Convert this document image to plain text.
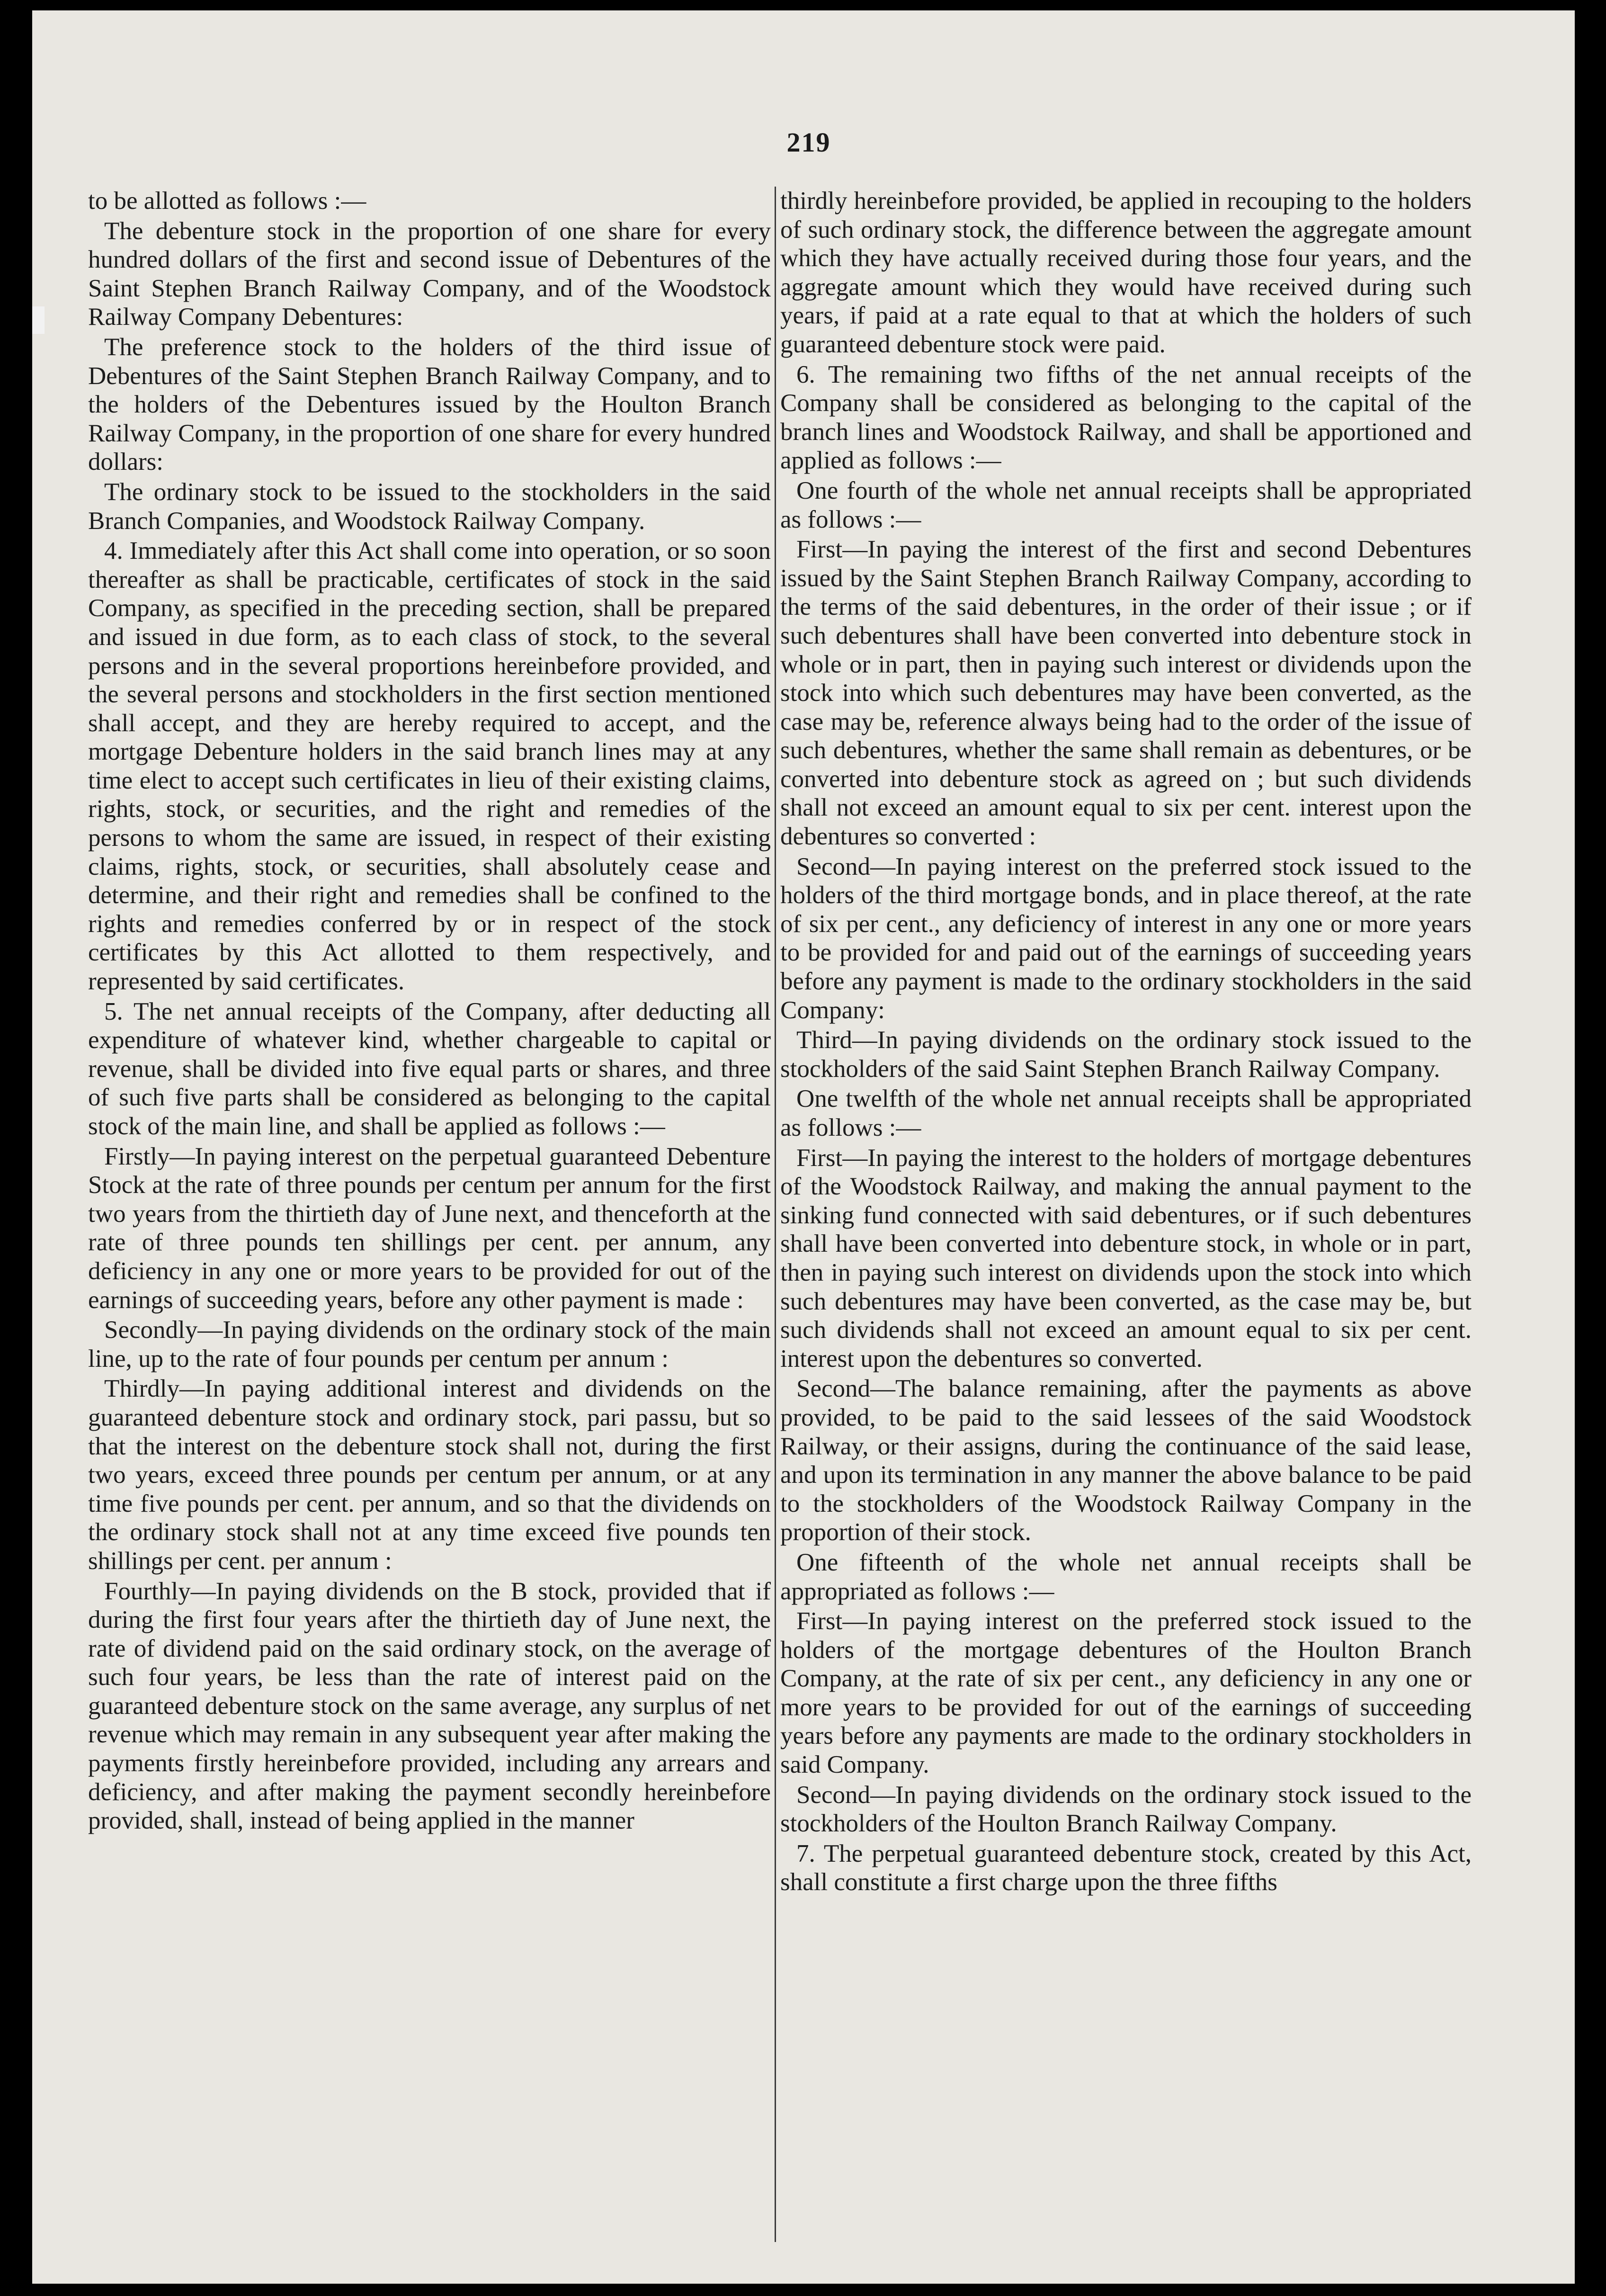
219

to be allotted as follows :—

The debenture stock in the proportion of one share for every hundred dollars of the first and second issue of Debentures of the Saint Stephen Branch Railway Company, and of the Woodstock Railway Company Debentures:

The preference stock to the holders of the third issue of Debentures of the Saint Stephen Branch Railway Company, and to the holders of the Debentures issued by the Houlton Branch Railway Company, in the proportion of one share for every hundred dollars:

The ordinary stock to be issued to the stockholders in the said Branch Companies, and Woodstock Railway Company.

4. Immediately after this Act shall come into operation, or so soon thereafter as shall be practicable, certificates of stock in the said Company, as specified in the preceding section, shall be prepared and issued in due form, as to each class of stock, to the several persons and in the several proportions hereinbefore provided, and the several persons and stockholders in the first section mentioned shall accept, and they are hereby required to accept, and the mortgage Debenture holders in the said branch lines may at any time elect to accept such certificates in lieu of their existing claims, rights, stock, or securities, and the right and remedies of the persons to whom the same are issued, in respect of their existing claims, rights, stock, or securities, shall absolutely cease and determine, and their right and remedies shall be confined to the rights and remedies conferred by or in respect of the stock certificates by this Act allotted to them respectively, and represented by said certificates.

5. The net annual receipts of the Company, after deducting all expenditure of whatever kind, whether chargeable to capital or revenue, shall be divided into five equal parts or shares, and three of such five parts shall be considered as belonging to the capital stock of the main line, and shall be applied as follows :—

Firstly—In paying interest on the perpetual guaranteed Debenture Stock at the rate of three pounds per centum per annum for the first two years from the thirtieth day of June next, and thenceforth at the rate of three pounds ten shillings per cent. per annum, any deficiency in any one or more years to be provided for out of the earnings of succeeding years, before any other payment is made :

Secondly—In paying dividends on the ordinary stock of the main line, up to the rate of four pounds per centum per annum :

Thirdly—In paying additional interest and dividends on the guaranteed debenture stock and ordinary stock, pari passu, but so that the interest on the debenture stock shall not, during the first two years, exceed three pounds per centum per annum, or at any time five pounds per cent. per annum, and so that the dividends on the ordinary stock shall not at any time exceed five pounds ten shillings per cent. per annum :

Fourthly—In paying dividends on the B stock, provided that if during the first four years after the thirtieth day of June next, the rate of dividend paid on the said ordinary stock, on the average of such four years, be less than the rate of interest paid on the guaranteed debenture stock on the same average, any surplus of net revenue which may remain in any subsequent year after making the payments firstly hereinbefore provided, including any arrears and deficiency, and after making the payment secondly hereinbefore provided, shall, instead of being applied in the manner

thirdly hereinbefore provided, be applied in recouping to the holders of such ordinary stock, the difference between the aggregate amount which they have actually received during those four years, and the aggregate amount which they would have received during such years, if paid at a rate equal to that at which the holders of such guaranteed debenture stock were paid.

6. The remaining two fifths of the net annual receipts of the Company shall be considered as belonging to the capital of the branch lines and Woodstock Railway, and shall be apportioned and applied as follows :—

One fourth of the whole net annual receipts shall be appropriated as follows :—

First—In paying the interest of the first and second Debentures issued by the Saint Stephen Branch Railway Company, according to the terms of the said debentures, in the order of their issue ; or if such debentures shall have been converted into debenture stock in whole or in part, then in paying such interest or dividends upon the stock into which such debentures may have been converted, as the case may be, reference always being had to the order of the issue of such debentures, whether the same shall remain as debentures, or be converted into debenture stock as agreed on ; but such dividends shall not exceed an amount equal to six per cent. interest upon the debentures so converted :

Second—In paying interest on the preferred stock issued to the holders of the third mortgage bonds, and in place thereof, at the rate of six per cent., any deficiency of interest in any one or more years to be provided for and paid out of the earnings of succeeding years before any payment is made to the ordinary stockholders in the said Company:

Third—In paying dividends on the ordinary stock issued to the stockholders of the said Saint Stephen Branch Railway Company.

One twelfth of the whole net annual receipts shall be appropriated as follows :—

First—In paying the interest to the holders of mortgage debentures of the Woodstock Railway, and making the annual payment to the sinking fund connected with said debentures, or if such debentures shall have been converted into debenture stock, in whole or in part, then in paying such interest on dividends upon the stock into which such debentures may have been converted, as the case may be, but such dividends shall not exceed an amount equal to six per cent. interest upon the debentures so converted.

Second—The balance remaining, after the payments as above provided, to be paid to the said lessees of the said Woodstock Railway, or their assigns, during the continuance of the said lease, and upon its termination in any manner the above balance to be paid to the stockholders of the Woodstock Railway Company in the proportion of their stock.

One fifteenth of the whole net annual receipts shall be appropriated as follows :—

First—In paying interest on the preferred stock issued to the holders of the mortgage debentures of the Houlton Branch Company, at the rate of six per cent., any deficiency in any one or more years to be provided for out of the earnings of succeeding years before any payments are made to the ordinary stockholders in said Company.

Second—In paying dividends on the ordinary stock issued to the stockholders of the Houlton Branch Railway Company.

7. The perpetual guaranteed debenture stock, created by this Act, shall constitute a first charge upon the three fifths
